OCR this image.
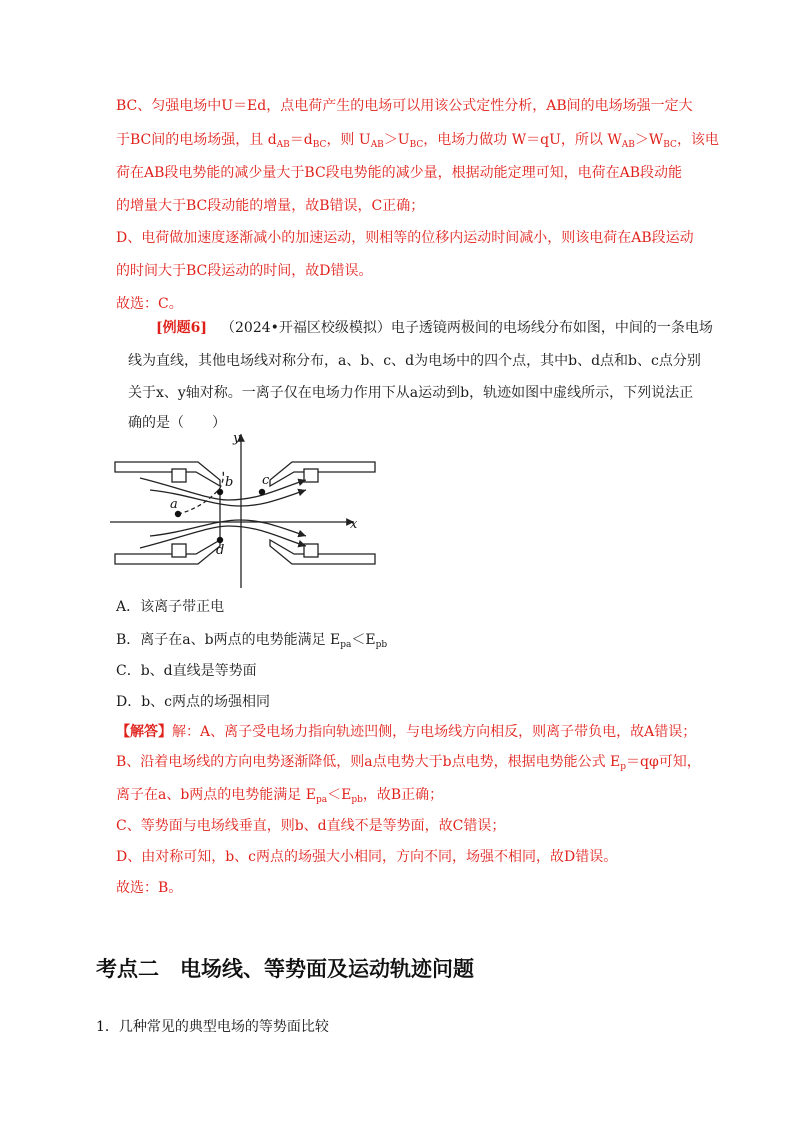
BC、匀强电场中U＝Ed，点电荷产生的电场可以用该公式定性分析，AB间的电场场强一定大
于BC间的电场场强，且 $d_{AB}=d_{BC}$，则 $U_{AB}>U_{BC}$，电场力做功 W＝qU，所以 $W_{AB}>W_{BC}$，该电
荷在AB段电势能的减少量大于BC段电势能的减少量，根据动能定理可知，电荷在AB段动能
的增量大于BC段动能的增量，故B错误，C正确；
D、电荷做加速度逐渐减小的加速运动，则相等的位移内运动时间减小，则该电荷在AB段运动
的时间大于BC段运动的时间，故D错误。
故选：C。
[例题6] （2024•开福区校级模拟）电子透镜两极间的电场线分布如图，中间的一条电场
线为直线，其他电场线对称分布，a、b、c、d为电场中的四个点，其中b、d点和b、c点分别
关于x、y轴对称。一离子仅在电场力作用下从a运动到b，轨迹如图中虚线所示，下列说法正
确的是（　　）
x
y
a
b c
d
A．该离子带正电
B．离子在a、b两点的电势能满足 $E_{pa}<E_{pb}$
C．b、d直线是等势面
D．b、c两点的场强相同
【解答】解：A、离子受电场力指向轨迹凹侧，与电场线方向相反，则离子带负电，故A错误；
B、沿着电场线的方向电势逐渐降低，则a点电势大于b点电势，根据电势能公式 $E_p=q\varphi$可知，
离子在a、b两点的电势能满足 $E_{pa}<E_{pb}$，故B正确；
C、等势面与电场线垂直，则b、d直线不是等势面，故C错误；
D、由对称可知，b、c两点的场强大小相同，方向不同，场强不相同，故D错误。
故选：B。
考点二　电场线、等势面及运动轨迹问题
1．几种常见的典型电场的等势面比较
